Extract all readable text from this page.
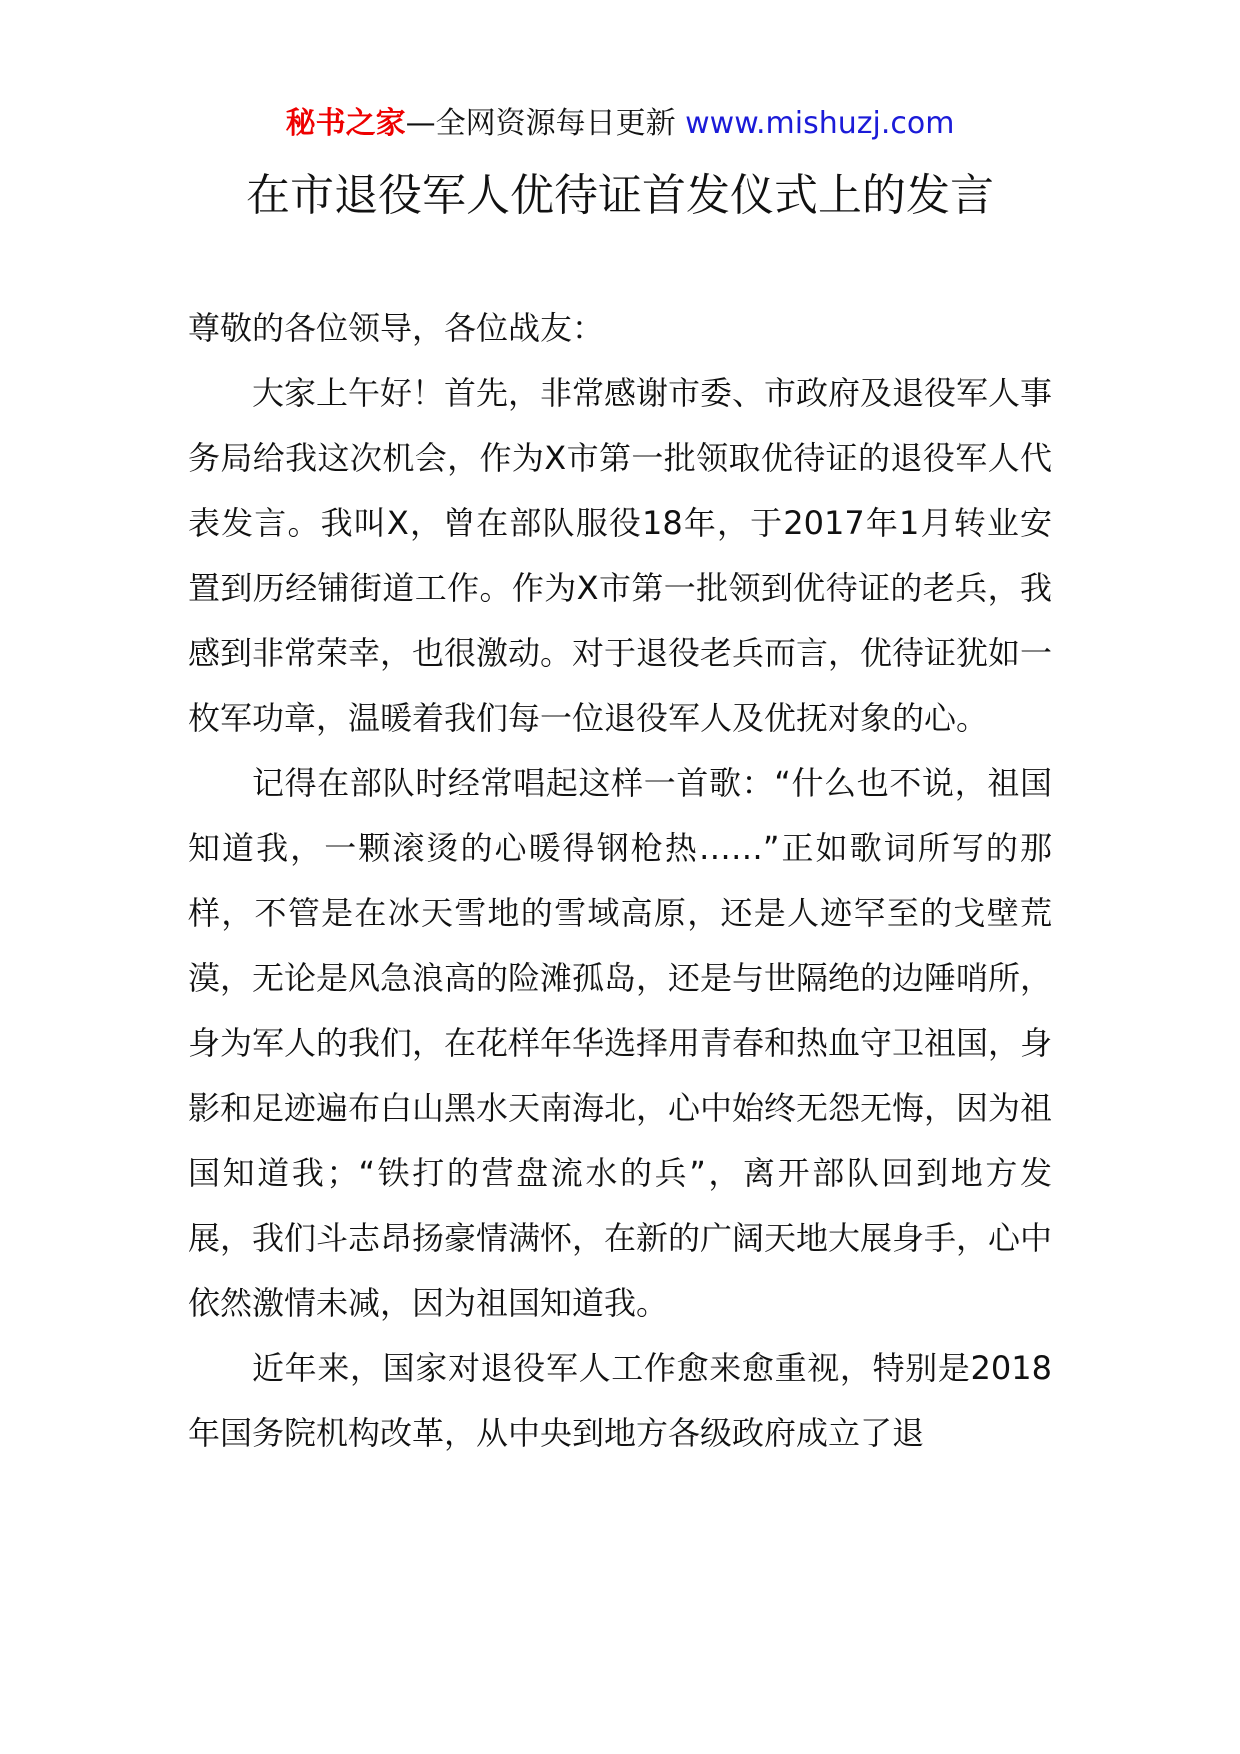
秘书之家—全网资源每日更新 www.mishuzj.com
在市退役军人优待证首发仪式上的发言

尊敬的各位领导，各位战友：

大家上午好！首先，非常感谢市委、市政府及退役军人事务局给我这次机会，作为X市第一批领取优待证的退役军人代表发言。我叫X，曾在部队服役18年，于2017年1月转业安置到历经铺街道工作。作为X市第一批领到优待证的老兵，我感到非常荣幸，也很激动。对于退役老兵而言，优待证犹如一枚军功章，温暖着我们每一位退役军人及优抚对象的心。

记得在部队时经常唱起这样一首歌：“什么也不说，祖国知道我，一颗滚烫的心暖得钢枪热……”正如歌词所写的那样，不管是在冰天雪地的雪域高原，还是人迹罕至的戈壁荒漠，无论是风急浪高的险滩孤岛，还是与世隔绝的边陲哨所，身为军人的我们，在花样年华选择用青春和热血守卫祖国，身影和足迹遍布白山黑水天南海北，心中始终无怨无悔，因为祖国知道我；“铁打的营盘流水的兵”，离开部队回到地方发展，我们斗志昂扬豪情满怀，在新的广阔天地大展身手，心中依然激情未减，因为祖国知道我。

近年来，国家对退役军人工作愈来愈重视，特别是2018年国务院机构改革，从中央到地方各级政府成立了退
